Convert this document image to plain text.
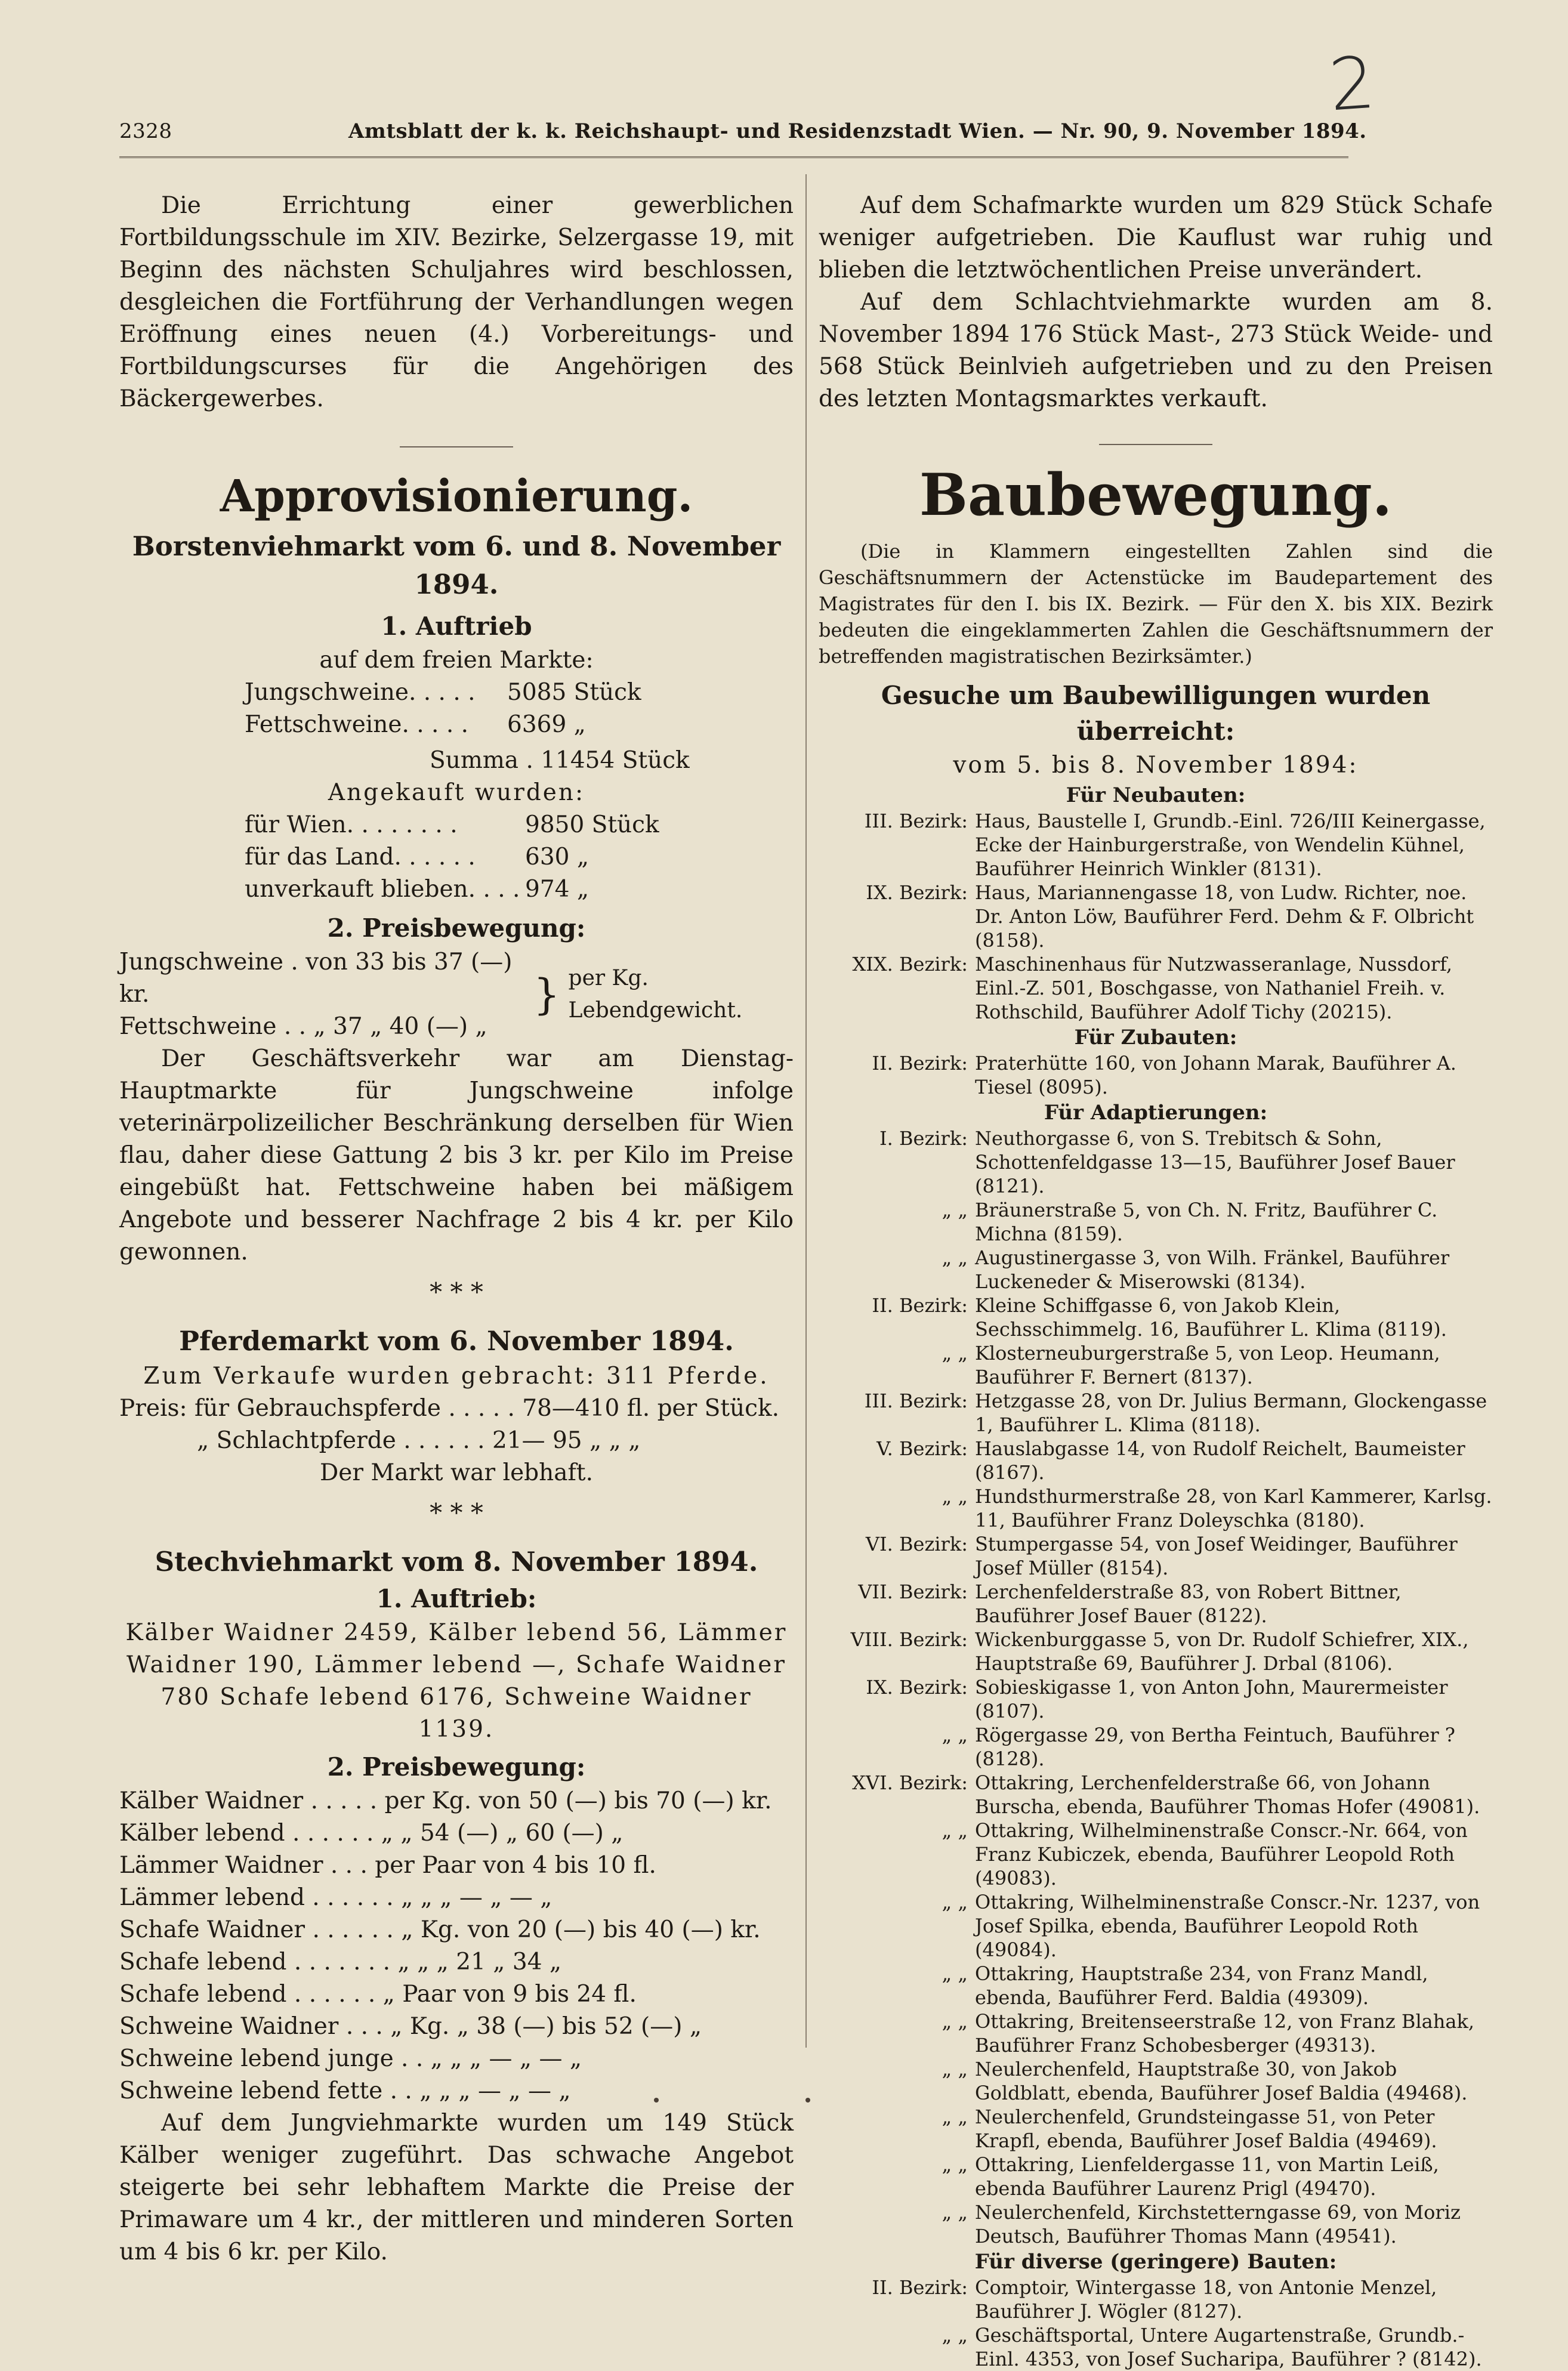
2
2328	Amtsblatt der k. k. Reichshaupt- und Residenzstadt Wien. — Nr. 90, 9. November 1894.

Die Errichtung einer gewerblichen Fortbildungsschule im XIV. Bezirke, Selzergasse 19, mit Beginn des nächsten Schuljahres wird beschlossen, desgleichen die Fortführung der Verhandlungen wegen Eröffnung eines neuen (4.) Vorbereitungs- und Fortbildungscurses für die Angehörigen des Bäckergewerbes.

Approvisionierung.
Borstenviehmarkt vom 6. und 8. November 1894.
1. Auftrieb
auf dem freien Markte:
Jungschweine . . . . .	5085 Stück
Fettschweine . . . . .	6369 „
Summa . 11454 Stück
Angekauft wurden:
für Wien . . . . . . . .	9850 Stück
für das Land . . . . . .	630 „
unverkauft blieben . . . . 974 „
2. Preisbewegung:
Jungschweine . von 33 bis 37 (—) kr.
Fettschweine . . „ 37 „ 40 (—) „
} per Kg. Lebendgewicht.

Der Geschäftsverkehr war am Dienstag-Hauptmarkte für Jungschweine infolge veterinärpolizeilicher Beschränkung derselben für Wien flau, daher diese Gattung 2 bis 3 kr. per Kilo im Preise eingebüßt hat. Fettschweine haben bei mäßigem Angebote und besserer Nachfrage 2 bis 4 kr. per Kilo gewonnen.

* * *
Pferdemarkt vom 6. November 1894.
Zum Verkaufe wurden gebracht: 311 Pferde.
Preis: für Gebrauchspferde . . . . . 78—410 fl. per Stück.
„ Schlachtpferde . . . . . . 21— 95 „ „ „
Der Markt war lebhaft.
* * *
Stechviehmarkt vom 8. November 1894.
1. Auftrieb:

Kälber Waidner 2459, Kälber lebend 56, Lämmer Waidner 190, Lämmer lebend —, Schafe Waidner 780 Schafe lebend 6176, Schweine Waidner 1139.

2. Preisbewegung:
Kälber Waidner . . . . . per Kg. von 50 (—) bis 70 (—) kr.
Kälber lebend . . . . . . „ „ 54 (—) „ 60 (—) „
Lämmer Waidner . . . per Paar von 4 bis 10 fl.
Lämmer lebend . . . . . . „ „ „ — „ — „
Schafe Waidner . . . . . . „ Kg. von 20 (—) bis 40 (—) kr.
Schafe lebend . . . . . . . „ „ „ 21 „ 34 „
Schafe lebend . . . . . . „ Paar von 9 bis 24 fl.
Schweine Waidner . . . „ Kg. „ 38 (—) bis 52 (—) „
Schweine lebend junge . . „ „ „ — „ — „
Schweine lebend fette . . „ „ „ — „ — „

Auf dem Jungviehmarkte wurden um 149 Stück Kälber weniger zugeführt. Das schwache Angebot steigerte bei sehr lebhaftem Markte die Preise der Primaware um 4 kr., der mittleren und minderen Sorten um 4 bis 6 kr. per Kilo.

Auf dem Schafmarkte wurden um 829 Stück Schafe weniger aufgetrieben. Die Kauflust war ruhig und blieben die letztwöchentlichen Preise unverändert.

Auf dem Schlachtviehmarkte wurden am 8. November 1894 176 Stück Mast-, 273 Stück Weide- und 568 Stück Beinlvieh aufgetrieben und zu den Preisen des letzten Montagsmarktes verkauft.

Baubewegung.

(Die in Klammern eingestellten Zahlen sind die Geschäftsnummern der Actenstücke im Baudepartement des Magistrates für den I. bis IX. Bezirk. — Für den X. bis XIX. Bezirk bedeuten die eingeklammerten Zahlen die Geschäftsnummern der betreffenden magistratischen Bezirksämter.)

Gesuche um Baubewilligungen wurden überreicht:
vom 5. bis 8. November 1894:
Für Neubauten:
III. Bezirk: Haus, Baustelle I, Grundb.-Einl. 726/III Keinergasse, Ecke der Hainburgerstraße, von Wendelin Kühnel, Bauführer Heinrich Winkler (8131).
IX. Bezirk: Haus, Mariannengasse 18, von Ludw. Richter, noe. Dr. Anton Löw, Bauführer Ferd. Dehm & F. Olbricht (8158).
XIX. Bezirk: Maschinenhaus für Nutzwasseranlage, Nussdorf, Einl.-Z. 501, Boschgasse, von Nathaniel Freih. v. Rothschild, Bauführer Adolf Tichy (20215).
Für Zubauten:
II. Bezirk: Praterhütte 160, von Johann Marak, Bauführer A. Tiesel (8095).
Für Adaptierungen:
I. Bezirk: Neuthorgasse 6, von S. Trebitsch & Sohn, Schottenfeldgasse 13—15, Bauführer Josef Bauer (8121).
„ „ Bräunerstraße 5, von Ch. N. Fritz, Bauführer C. Michna (8159).
„ „ Augustinergasse 3, von Wilh. Fränkel, Bauführer Luckeneder & Miserowski (8134).
II. Bezirk: Kleine Schiffgasse 6, von Jakob Klein, Sechsschimmelg. 16, Bauführer L. Klima (8119).
„ „ Klosterneuburgerstraße 5, von Leop. Heumann, Bauführer F. Bernert (8137).
III. Bezirk: Hetzgasse 28, von Dr. Julius Bermann, Glockengasse 1, Bauführer L. Klima (8118).
V. Bezirk: Hauslabgasse 14, von Rudolf Reichelt, Baumeister (8167).
„ „ Hundsthurmerstraße 28, von Karl Kammerer, Karlsg. 11, Bauführer Franz Doleyschka (8180).
VI. Bezirk: Stumpergasse 54, von Josef Weidinger, Bauführer Josef Müller (8154).
VII. Bezirk: Lerchenfelderstraße 83, von Robert Bittner, Bauführer Josef Bauer (8122).
VIII. Bezirk: Wickenburggasse 5, von Dr. Rudolf Schiefrer, XIX., Hauptstraße 69, Bauführer J. Drbal (8106).
IX. Bezirk: Sobieskigasse 1, von Anton John, Maurermeister (8107).
„ „ Rögergasse 29, von Bertha Feintuch, Bauführer ? (8128).
XVI. Bezirk: Ottakring, Lerchenfelderstraße 66, von Johann Burscha, ebenda, Bauführer Thomas Hofer (49081).
„ „ Ottakring, Wilhelminenstraße Conscr.-Nr. 664, von Franz Kubiczek, ebenda, Bauführer Leopold Roth (49083).
„ „ Ottakring, Wilhelminenstraße Conscr.-Nr. 1237, von Josef Spilka, ebenda, Bauführer Leopold Roth (49084).
„ „ Ottakring, Hauptstraße 234, von Franz Mandl, ebenda, Bauführer Ferd. Baldia (49309).
„ „ Ottakring, Breitenseerstraße 12, von Franz Blahak, Bauführer Franz Schobesberger (49313).
„ „ Neulerchenfeld, Hauptstraße 30, von Jakob Goldblatt, ebenda, Bauführer Josef Baldia (49468).
„ „ Neulerchenfeld, Grundsteingasse 51, von Peter Krapfl, ebenda, Bauführer Josef Baldia (49469).
„ „ Ottakring, Lienfeldergasse 11, von Martin Leiß, ebenda Bauführer Laurenz Prigl (49470).
„ „ Neulerchenfeld, Kirchstetterngasse 69, von Moriz Deutsch, Bauführer Thomas Mann (49541).
Für diverse (geringere) Bauten:
II. Bezirk: Comptoir, Wintergasse 18, von Antonie Menzel, Bauführer J. Wögler (8127).
„ „ Geschäftsportal, Untere Augartenstraße, Grundb.-Einl. 4353, von Josef Sucharipa, Bauführer ? (8142).
